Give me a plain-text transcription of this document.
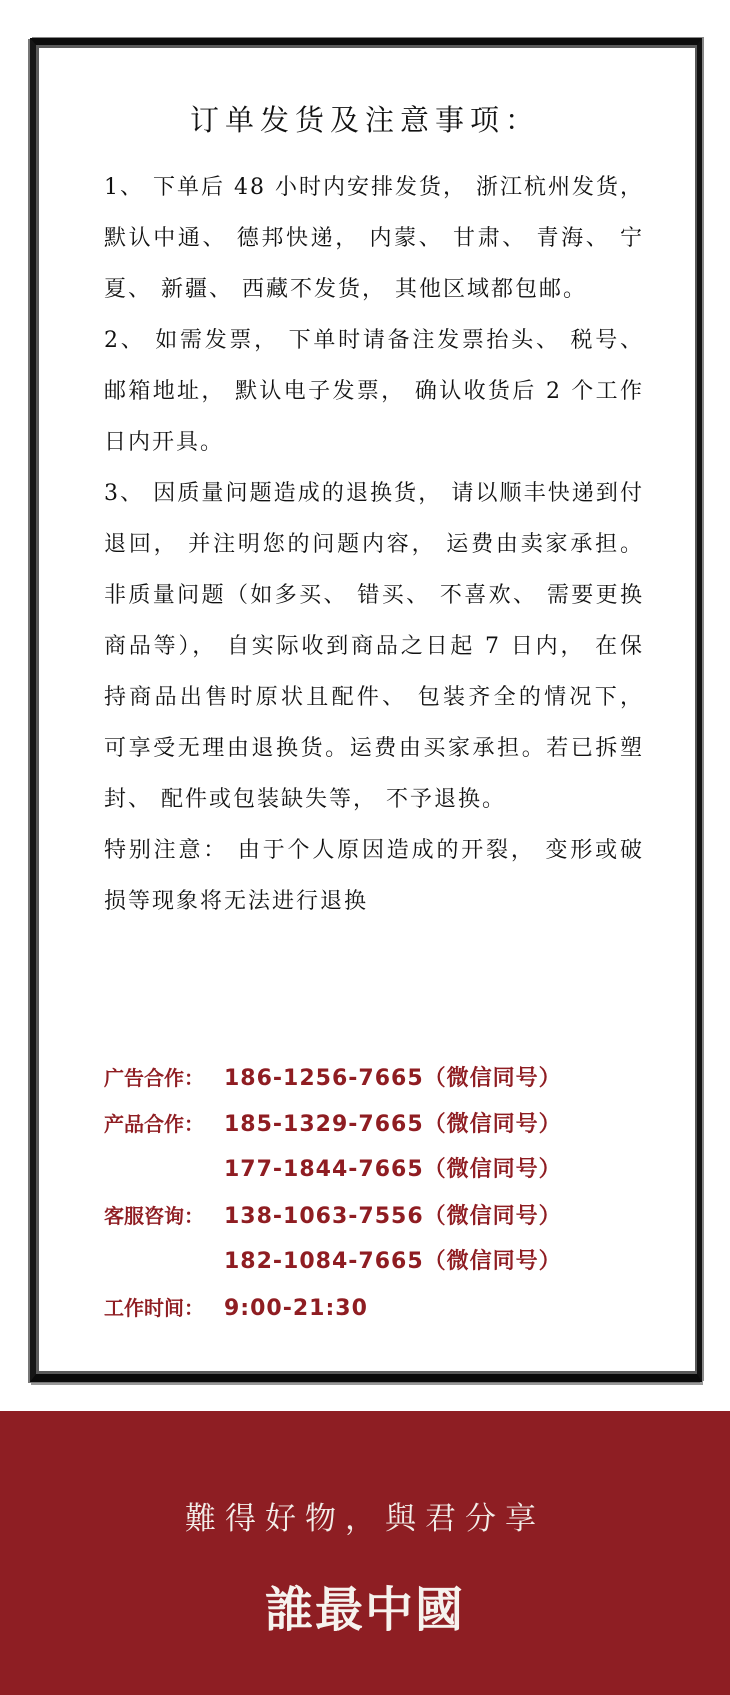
订单发货及注意事项：

1、 下单后 48 小时内安排发货， 浙江杭州发货， 默认中通、 德邦快递， 内蒙、 甘肃、 青海、 宁夏、 新疆、 西藏不发货， 其他区域都包邮。

2、 如需发票， 下单时请备注发票抬头、 税号、 邮箱地址， 默认电子发票， 确认收货后 2 个工作日内开具。

3、 因质量问题造成的退换货， 请以顺丰快递到付退回， 并注明您的问题内容， 运费由卖家承担。非质量问题（如多买、 错买、 不喜欢、 需要更换商品等）， 自实际收到商品之日起 7 日内， 在保持商品出售时原状且配件、 包装齐全的情况下， 可享受无理由退换货。运费由买家承担。若已拆塑封、 配件或包装缺失等， 不予退换。

特别注意： 由于个人原因造成的开裂， 变形或破损等现象将无法进行退换

广告合作： 186-1256-7665（微信同号）
产品合作： 185-1329-7665（微信同号）
177-1844-7665（微信同号）
客服咨询： 138-1063-7556（微信同号）
182-1084-7665（微信同号）
工作时间： 9:00-21:30
難得好物，與君分享
誰最中國
